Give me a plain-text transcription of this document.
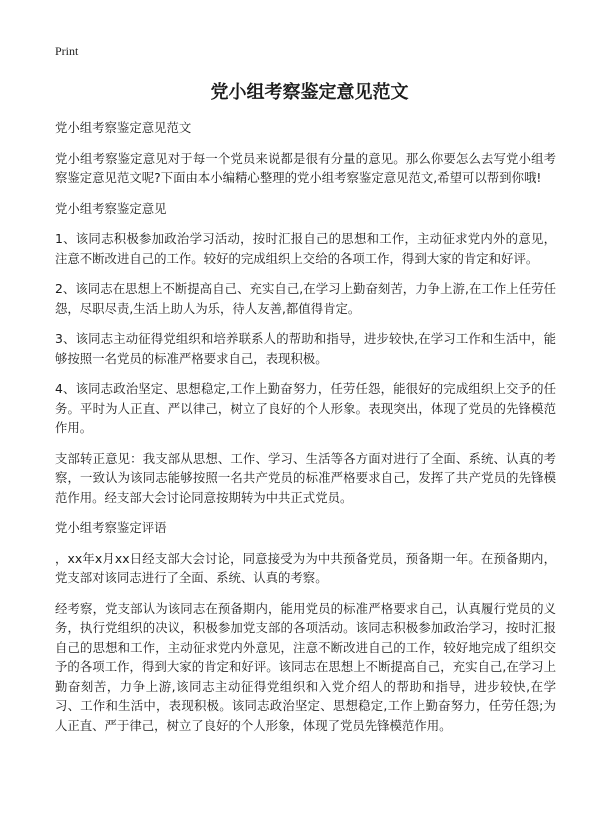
Print
党小组考察鉴定意见范文
党小组考察鉴定意见范文
党小组考察鉴定意见对于每一个党员来说都是很有分量的意见。那么你要怎么去写党小组考察鉴定意见范文呢?下面由本小编精心整理的党小组考察鉴定意见范文,希望可以帮到你哦!
党小组考察鉴定意见
1、该同志积极参加政治学习活动，按时汇报自己的思想和工作，主动征求党内外的意见，注意不断改进自己的工作。较好的完成组织上交给的各项工作，得到大家的肯定和好评。
2、该同志在思想上不断提高自己、充实自己,在学习上勤奋刻苦，力争上游,在工作上任劳任怨，尽职尽责,生活上助人为乐，待人友善,都值得肯定。
3、该同志主动征得党组织和培养联系人的帮助和指导，进步较快,在学习工作和生活中，能够按照一名党员的标准严格要求自己，表现积极。
4、该同志政治坚定、思想稳定,工作上勤奋努力，任劳任怨，能很好的完成组织上交予的任务。平时为人正直、严以律己，树立了良好的个人形象。表现突出，体现了党员的先锋模范作用。
支部转正意见：我支部从思想、工作、学习、生活等各方面对进行了全面、系统、认真的考察，一致认为该同志能够按照一名共产党员的标准严格要求自己，发挥了共产党员的先锋模范作用。经支部大会讨论同意按期转为中共正式党员。
党小组考察鉴定评语
，xx年x月xx日经支部大会讨论，同意接受为为中共预备党员，预备期一年。在预备期内，党支部对该同志进行了全面、系统、认真的考察。
经考察，党支部认为该同志在预备期内，能用党员的标准严格要求自己，认真履行党员的义务，执行党组织的决议，积极参加党支部的各项活动。该同志积极参加政治学习，按时汇报自己的思想和工作，主动征求党内外意见，注意不断改进自己的工作，较好地完成了组织交予的各项工作，得到大家的肯定和好评。该同志在思想上不断提高自己，充实自己,在学习上勤奋刻苦，力争上游,该同志主动征得党组织和入党介绍人的帮助和指导，进步较快,在学习、工作和生活中，表现积极。该同志政治坚定、思想稳定,工作上勤奋努力，任劳任怨;为人正直、严于律己，树立了良好的个人形象，体现了党员先锋模范作用。
